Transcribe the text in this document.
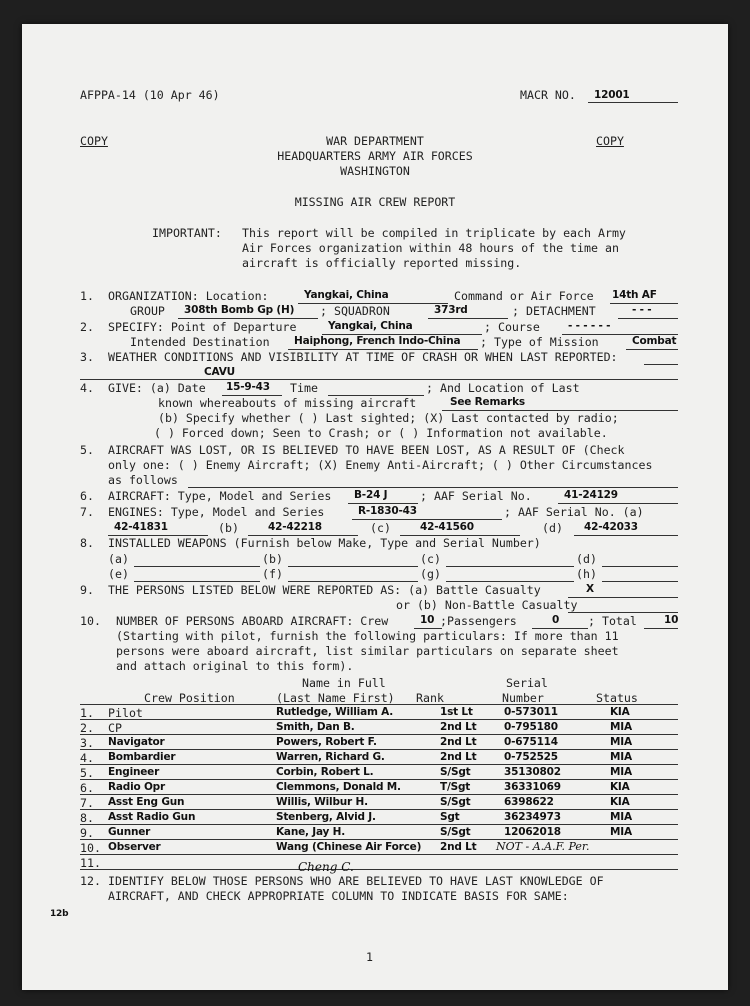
AFPPA-14 (10 Apr 46)	MACR NO. 12001
COPY	COPY
WAR DEPARTMENT
HEADQUARTERS ARMY AIR FORCES
WASHINGTON
MISSING AIR CREW REPORT
IMPORTANT: This report will be compiled in triplicate by each Army
Air Forces organization within 48 hours of the time an
aircraft is officially reported missing.
1. ORGANIZATION: Location:	Yangkai, China	Command or Air Force 14th AF
GROUP 308th Bomb Gp (H) ; SQUADRON	373rd	; DETACHMENT	- - -
2. SPECIFY: Point of Departure	Yangkai, China	; Course	- - - - - -
Intended Destination Haiphong, French Indo-China ; Type of Mission	Combat
3. WEATHER CONDITIONS AND VISIBILITY AT TIME OF CRASH OR WHEN LAST REPORTED:
CAVU
4. GIVE: (a) Date 15-9-43 Time	; And Location of Last
known whereabouts of missing aircraft	See Remarks
(b) Specify whether ( ) Last sighted; (X) Last contacted by radio;
( ) Forced down; Seen to Crash; or ( ) Information not available.
5. AIRCRAFT WAS LOST, OR IS BELIEVED TO HAVE BEEN LOST, AS A RESULT OF (Check
only one: ( ) Enemy Aircraft; (X) Enemy Anti-Aircraft; ( ) Other Circumstances
as follows
6. AIRCRAFT: Type, Model and Series B-24 J	; AAF Serial No.	41-24129
7. ENGINES: Type, Model and Series	R-1830-43	; AAF Serial No. (a)
42-41831	(b)	42-42218	(c)	42-41560	(d) 42-42033
8. INSTALLED WEAPONS (Furnish below Make, Type and Serial Number)
(a)	(b)	(c)	(d)
(e)	(f)	(g)	(h)
9. THE PERSONS LISTED BELOW WERE REPORTED AS: (a) Battle Casualty	X
or (b) Non-Battle Casualty
10. NUMBER OF PERSONS ABOARD AIRCRAFT: Crew	10 ;Passengers	0 ; Total	10
(Starting with pilot, furnish the following particulars: If more than 11
persons were aboard aircraft, list similar particulars on separate sheet
and attach original to this form).
Name in Full	Serial
Crew Position	(Last Name First) Rank	Number	Status
1. Pilot	Rutledge, William A.	1st Lt	0-573011	KIA
2. CP	Smith, Dan B.	2nd Lt	0-795180	MIA
3. Navigator	Powers, Robert F.	2nd Lt	0-675114	MIA
4. Bombardier	Warren, Richard G.	2nd Lt	0-752525	MIA
5. Engineer	Corbin, Robert L.	S/Sgt	35130802	MIA
6. Radio Opr	Clemmons, Donald M.	T/Sgt	36331069	KIA
7. Asst Eng Gun	Willis, Wilbur H.	S/Sgt	6398622	KIA
8. Asst Radio Gun	Stenberg, Alvid J.	Sgt	36234973	MIA
9. Gunner	Kane, Jay H.	S/Sgt	12062018	MIA
10. Observer	Wang (Chinese Air Force) 2nd Lt NOT - A.A.F. Per.
11.	Cheng C.
12. IDENTIFY BELOW THOSE PERSONS WHO ARE BELIEVED TO HAVE LAST KNOWLEDGE OF
AIRCRAFT, AND CHECK APPROPRIATE COLUMN TO INDICATE BASIS FOR SAME:
12b
1
